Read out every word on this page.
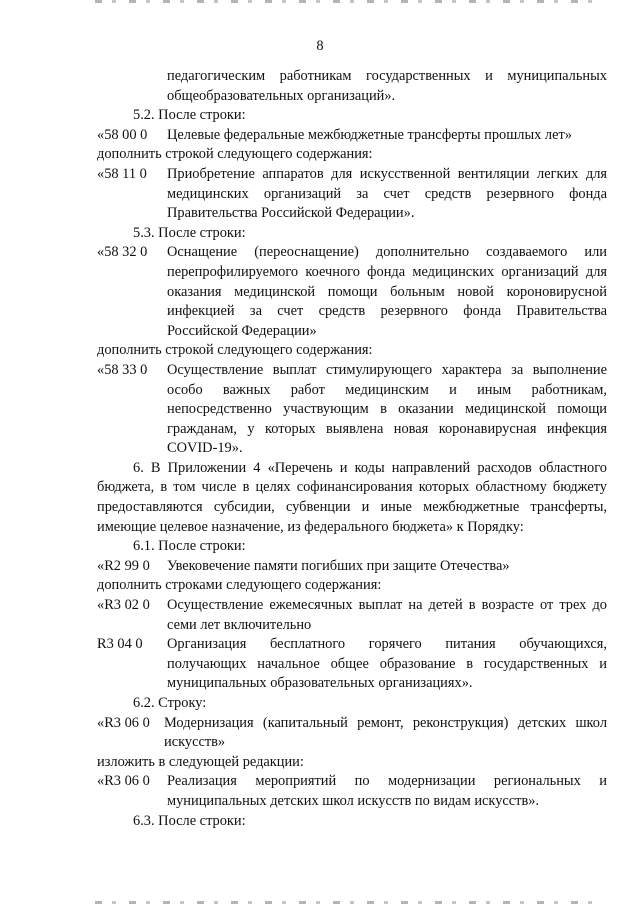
8
педагогическим работникам государственных и муниципальных общеобразовательных организаций».
5.2. После строки:
«58 00 0	Целевые федеральные межбюджетные трансферты прошлых лет»
дополнить строкой следующего содержания:
«58 11 0	Приобретение аппаратов для искусственной вентиляции легких для медицинских организаций за счет средств резервного фонда Правительства Российской Федерации».
5.3. После строки:
«58 32 0	Оснащение (переоснащение) дополнительно создаваемого или перепрофилируемого коечного фонда медицинских организаций для оказания медицинской помощи больным новой короновирусной инфекцией за счет средств резервного фонда Правительства Российской Федерации»
дополнить строкой следующего содержания:
«58 33 0	Осуществление выплат стимулирующего характера за выполнение особо важных работ медицинским и иным работникам, непосредственно участвующим в оказании медицинской помощи гражданам, у которых выявлена новая коронавирусная инфекция COVID-19».
6. В Приложении 4 «Перечень и коды направлений расходов областного бюджета, в том числе в целях софинансирования которых областному бюджету предоставляются субсидии, субвенции и иные межбюджетные трансферты, имеющие целевое назначение, из федерального бюджета» к Порядку:
6.1. После строки:
«R2 99 0	Увековечение памяти погибших при защите Отечества»
дополнить строками следующего содержания:
«R3 02 0	Осуществление ежемесячных выплат на детей в возрасте от трех до семи лет включительно
R3 04 0	Организация бесплатного горячего питания обучающихся, получающих начальное общее образование в государственных и муниципальных образовательных организациях».
6.2. Строку:
«R3 06 0 Модернизация (капитальный ремонт, реконструкция) детских школ искусств»
изложить в следующей редакции:
«R3 06 0	Реализация мероприятий по модернизации региональных и муниципальных детских школ искусств по видам искусств».
6.3. После строки:
